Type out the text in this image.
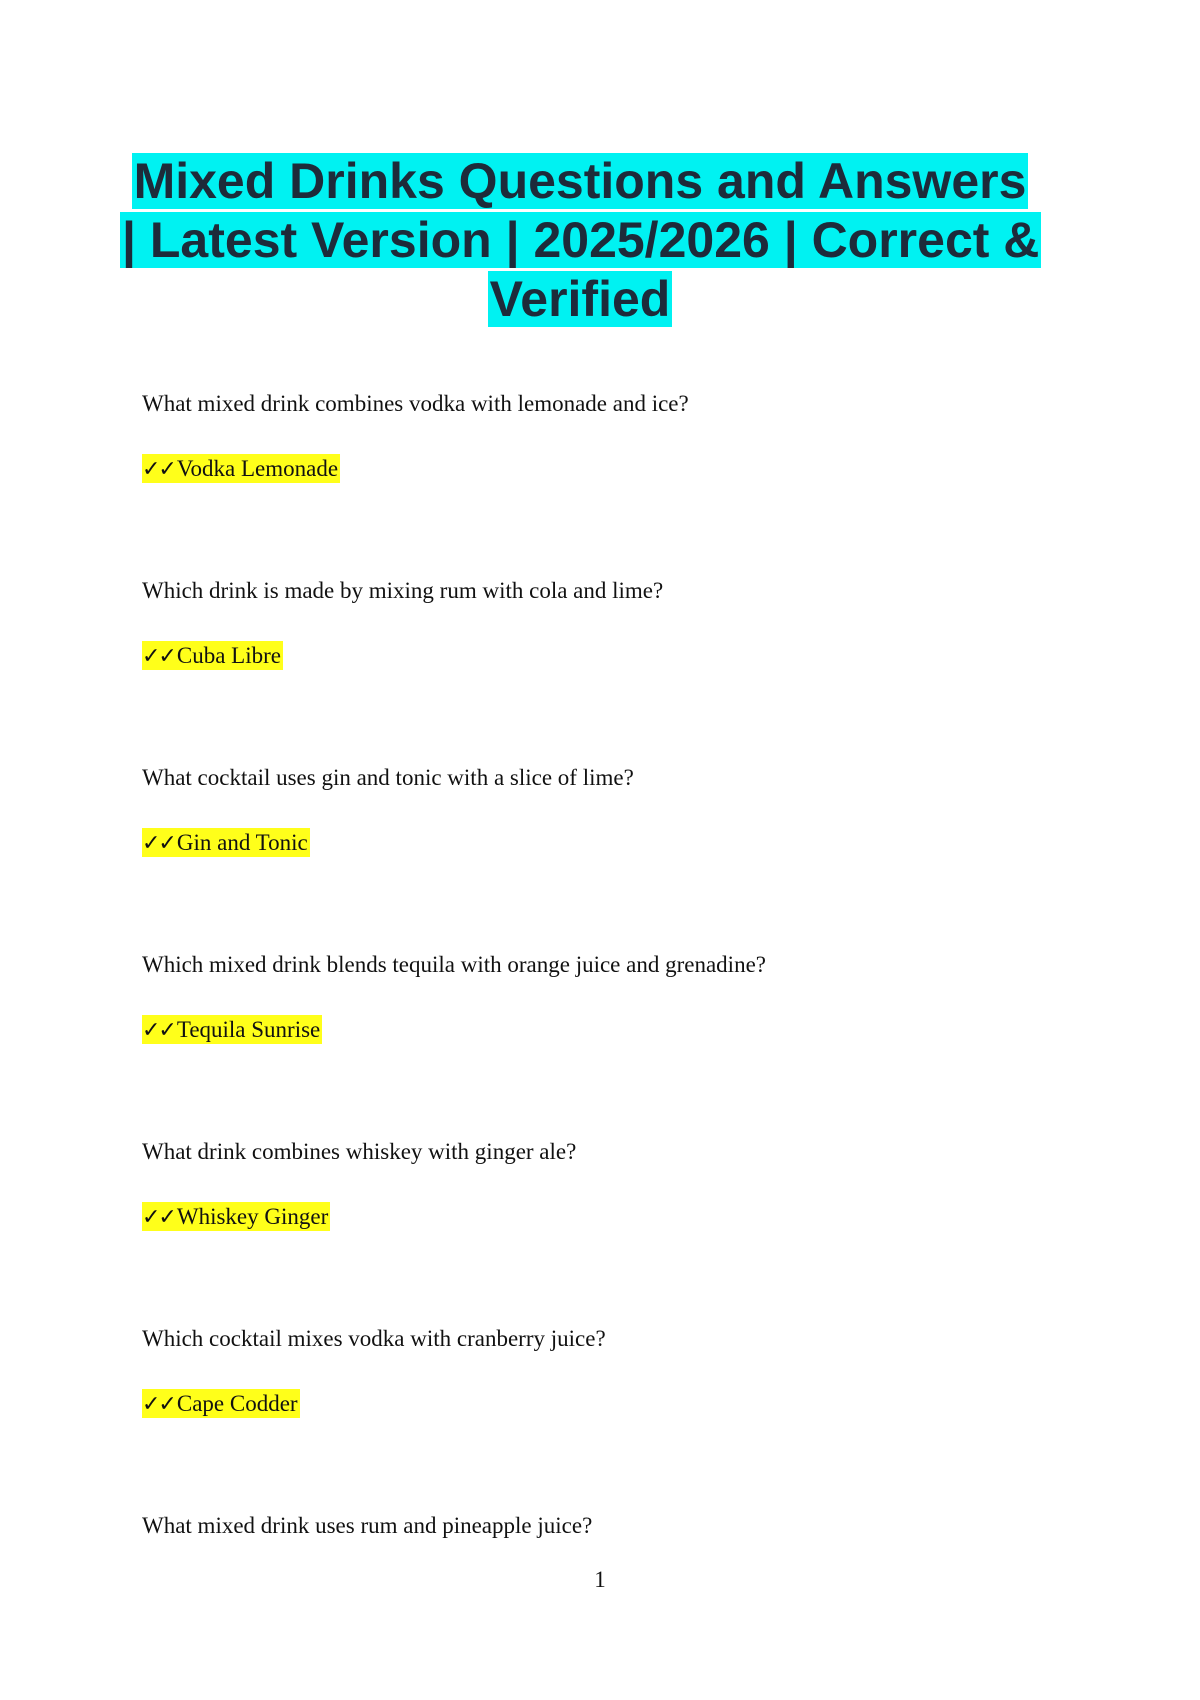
Mixed Drinks Questions and Answers | Latest Version | 2025/2026 | Correct & Verified

What mixed drink combines vodka with lemonade and ice?

✓✓Vodka Lemonade

Which drink is made by mixing rum with cola and lime?

✓✓Cuba Libre

What cocktail uses gin and tonic with a slice of lime?

✓✓Gin and Tonic

Which mixed drink blends tequila with orange juice and grenadine?

✓✓Tequila Sunrise

What drink combines whiskey with ginger ale?

✓✓Whiskey Ginger

Which cocktail mixes vodka with cranberry juice?

✓✓Cape Codder

What mixed drink uses rum and pineapple juice?

1
